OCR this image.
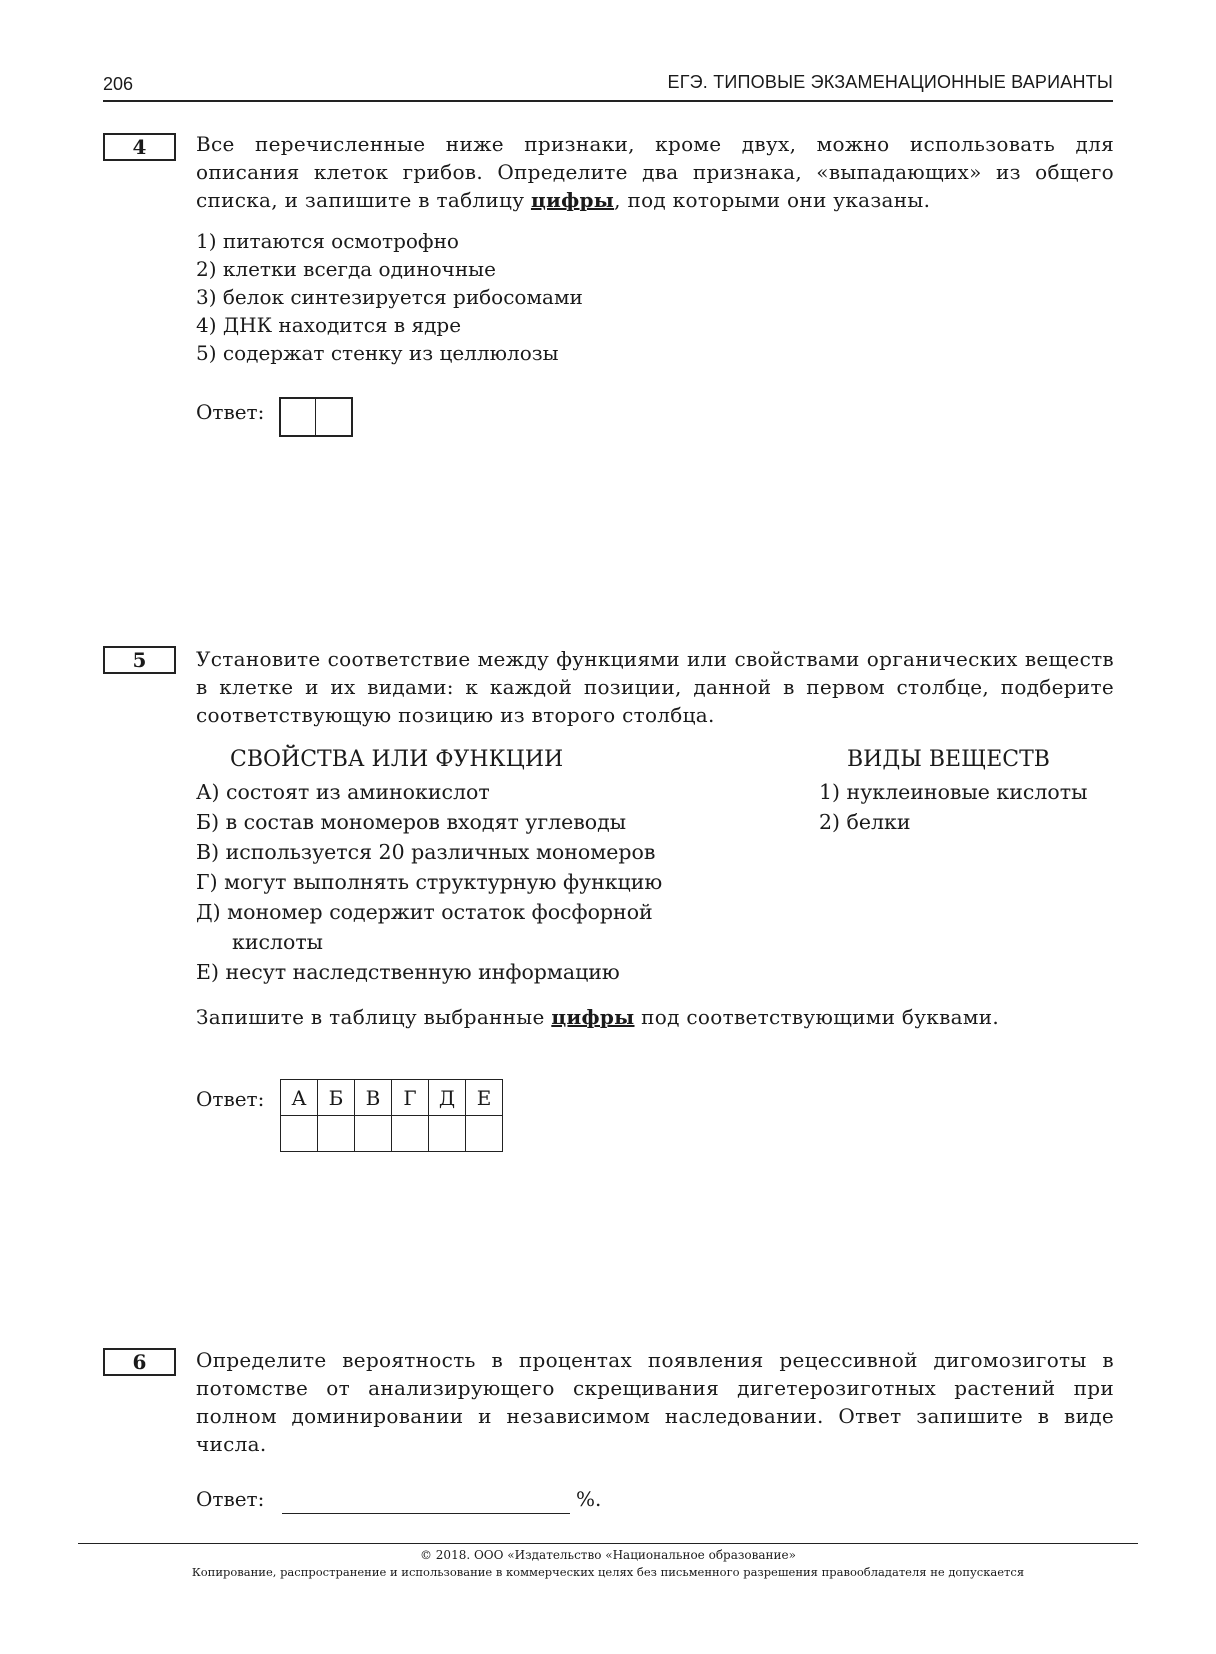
206	ЕГЭ. ТИПОВЫЕ ЭКЗАМЕНАЦИОННЫЕ ВАРИАНТЫ
4	Все перечисленные ниже признаки, кроме двух, можно использовать для описания клеток грибов. Определите два признака, «выпадающих» из общего списка, и запишите в таблицу цифры, под которыми они указаны.
1) питаются осмотрофно
2) клетки всегда одиночные
3) белок синтезируется рибосомами
4) ДНК находится в ядре
5) содержат стенку из целлюлозы
Ответ:
5	Установите соответствие между функциями или свойствами органических веществ в клетке и их видами: к каждой позиции, данной в первом столбце, подберите соответствующую позицию из второго столбца.
СВОЙСТВА ИЛИ ФУНКЦИИ	ВИДЫ ВЕЩЕСТВ
А) состоят из аминокислот
Б) в состав мономеров входят углеводы
В) используется 20 различных мономеров
Г) могут выполнять структурную функцию
Д) мономер содержит остаток фосфорной
кислоты
Е) несут наследственную информацию
1) нуклеиновые кислоты
2) белки
Запишите в таблицу выбранные цифры под соответствующими буквами.
Ответ: А	Б	В	Г	Д	Е

6	Определите вероятность в процентах появления рецессивной дигомозиготы в потомстве от анализирующего скрещивания дигетерозиготных растений при полном доминировании и независимом наследовании. Ответ запишите в виде числа.
Ответ:	%.
© 2018. ООО «Издательство «Национальное образование»
Копирование, распространение и использование в коммерческих целях без письменного разрешения правообладателя не допускается
